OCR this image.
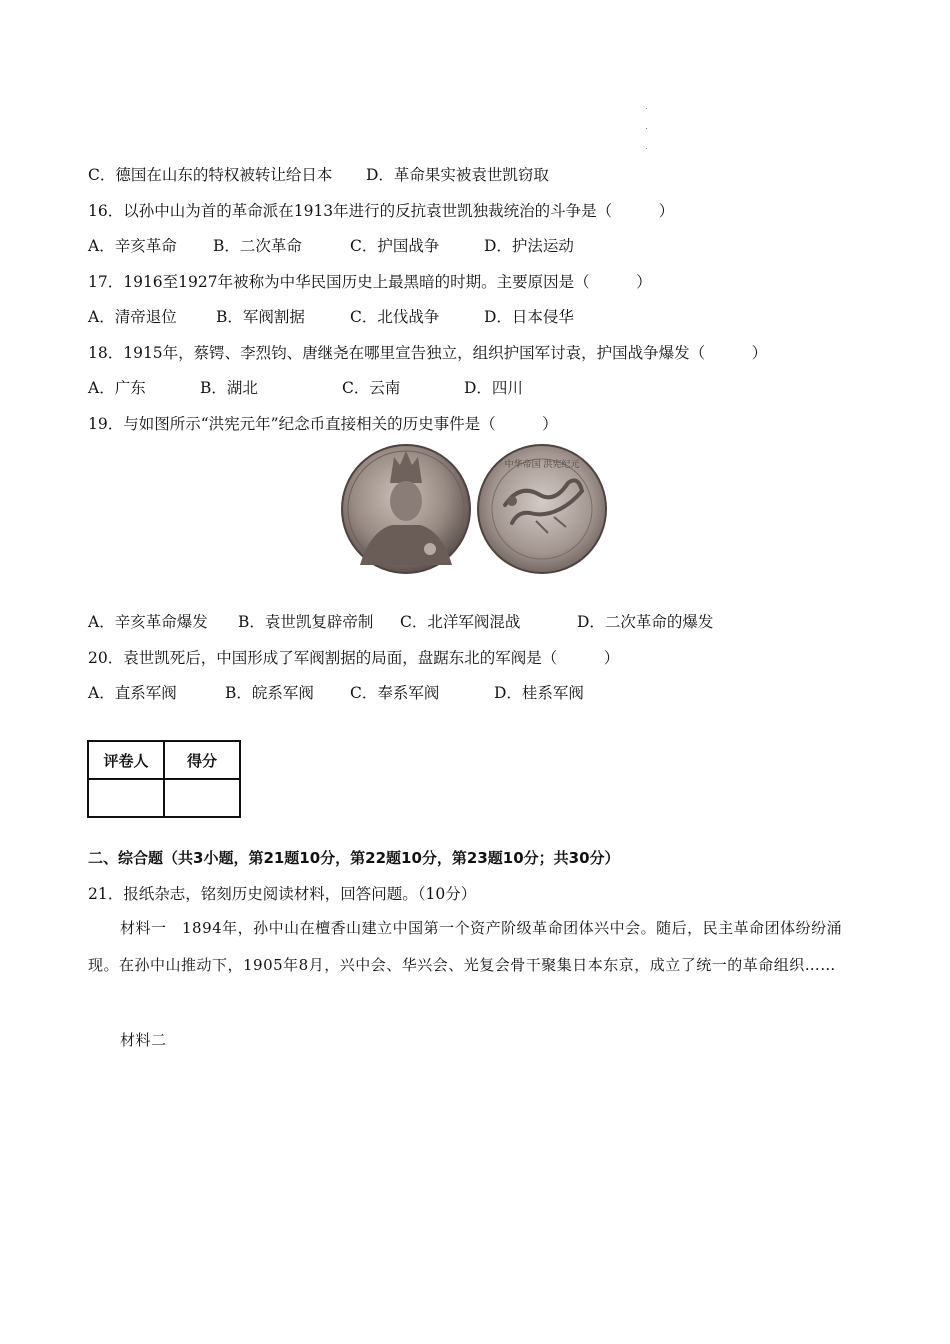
C．德国在山东的特权被转让给日本 D．革命果实被袁世凯窃取
16．以孙中山为首的革命派在1913年进行的反抗袁世凯独裁统治的斗争是（　　　）
A．辛亥革命 B．二次革命	C．护国战争	D．护法运动
17．1916至1927年被称为中华民国历史上最黑暗的时期。主要原因是（　　　）
A．清帝退位	B．军阀割据	C．北伐战争	D．日本侵华
18．1915年，蔡锷、李烈钧、唐继尧在哪里宣告独立，组织护国军讨袁，护国战争爆发（　　　）
A．广东	B．湖北	C．云南	D．四川
19．与如图所示“洪宪元年”纪念币直接相关的历史事件是（　　　）
中华帝国 洪宪纪元
A．辛亥革命爆发 B．袁世凯复辟帝制 C．北洋军阀混战	D．二次革命的爆发
20．袁世凯死后，中国形成了军阀割据的局面，盘踞东北的军阀是（　　　）
A．直系军阀	B．皖系军阀 C．奉系军阀	D．桂系军阀
评卷人	得分

二、综合题（共3小题，第21题10分，第22题10分，第23题10分；共30分）
21．报纸杂志，铭刻历史阅读材料，回答问题。（10分）
材料一　1894年，孙中山在檀香山建立中国第一个资产阶级革命团体兴中会。随后，民主革命团体纷纷涌现。在孙中山推动下，1905年8月，兴中会、华兴会、光复会骨干聚集日本东京，成立了统一的革命组织……
材料二
